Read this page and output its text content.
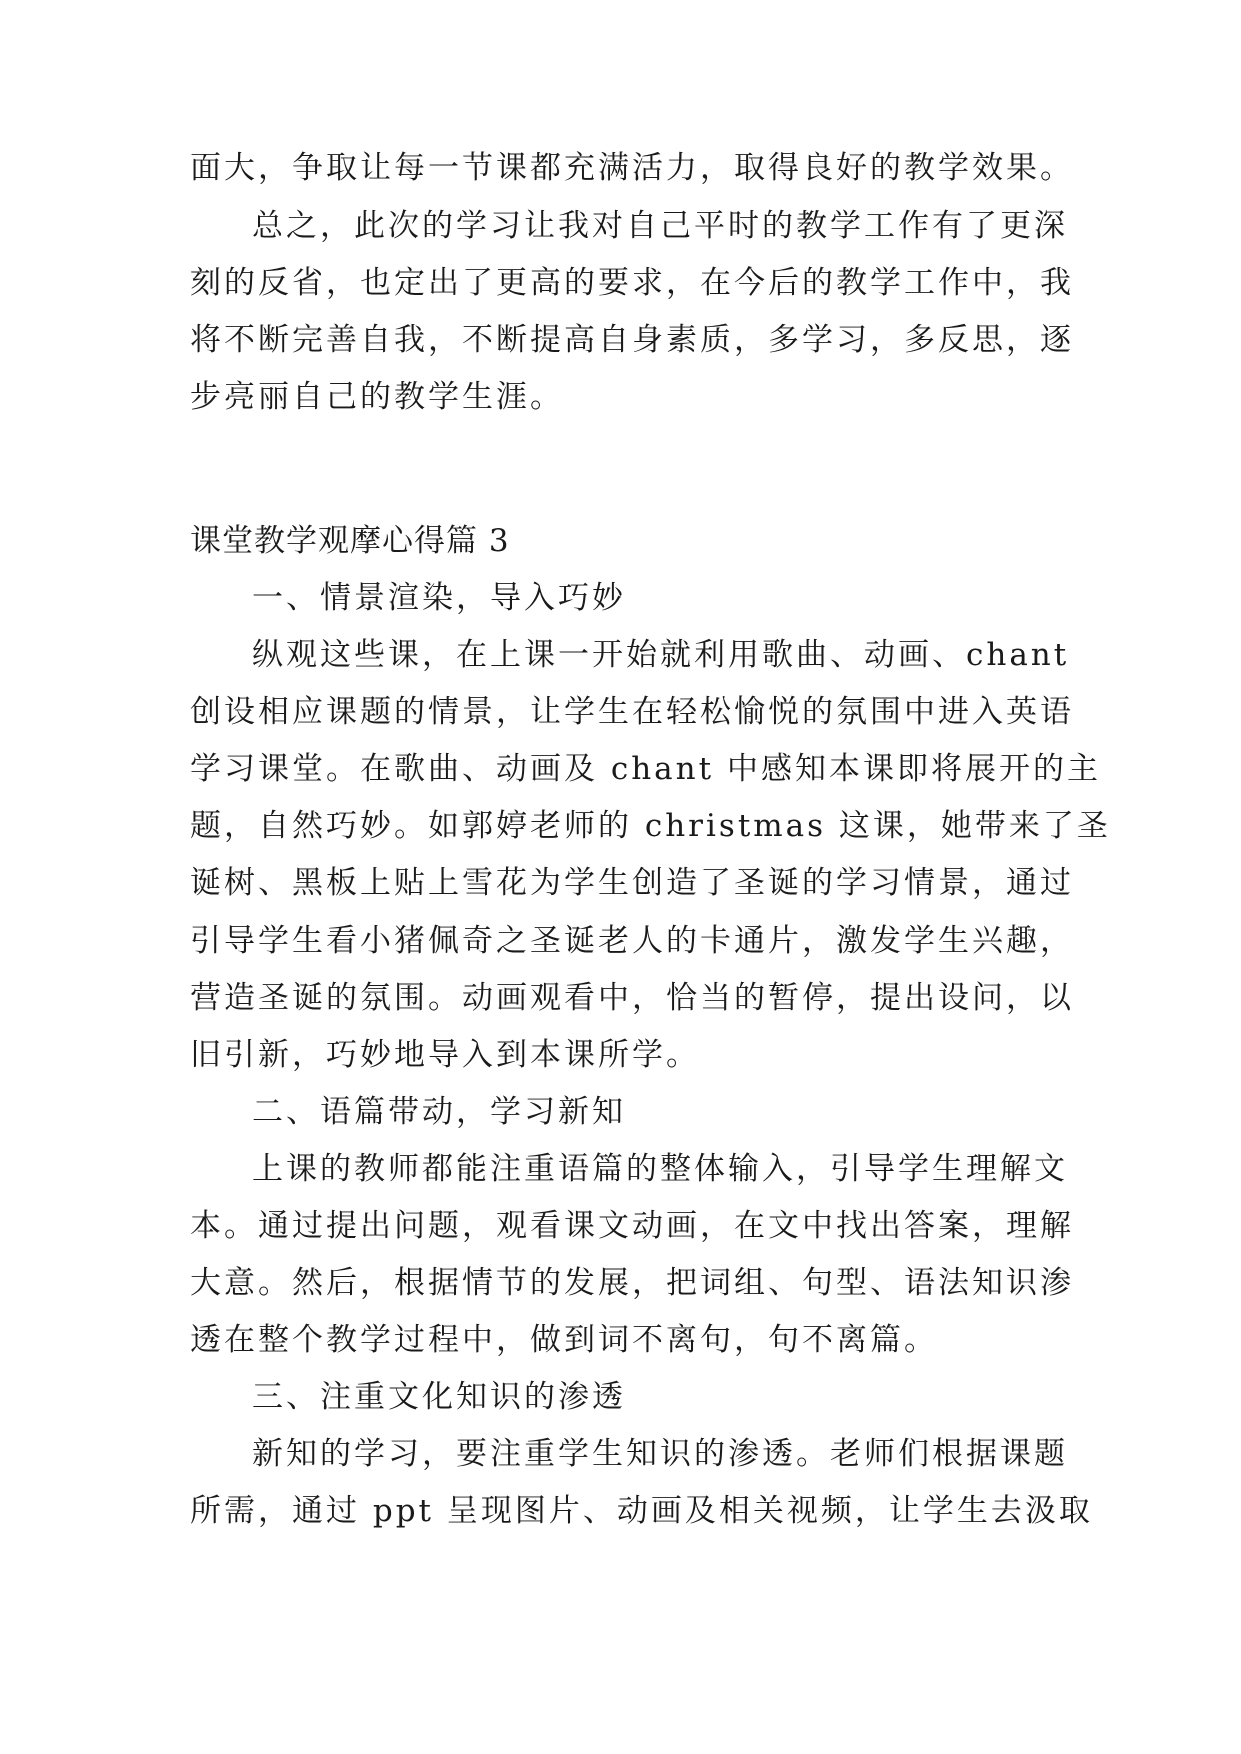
面大，争取让每一节课都充满活力，取得良好的教学效果。
总之，此次的学习让我对自己平时的教学工作有了更深
刻的反省，也定出了更高的要求，在今后的教学工作中，我
将不断完善自我，不断提高自身素质，多学习，多反思，逐
步亮丽自己的教学生涯。
课堂教学观摩心得篇 3
一、情景渲染，导入巧妙
纵观这些课，在上课一开始就利用歌曲、动画、chant
创设相应课题的情景，让学生在轻松愉悦的氛围中进入英语
学习课堂。在歌曲、动画及 chant 中感知本课即将展开的主
题，自然巧妙。如郭婷老师的 christmas 这课，她带来了圣
诞树、黑板上贴上雪花为学生创造了圣诞的学习情景，通过
引导学生看小猪佩奇之圣诞老人的卡通片，激发学生兴趣，
营造圣诞的氛围。动画观看中，恰当的暂停，提出设问，以
旧引新，巧妙地导入到本课所学。
二、语篇带动，学习新知
上课的教师都能注重语篇的整体输入，引导学生理解文
本。通过提出问题，观看课文动画，在文中找出答案，理解
大意。然后，根据情节的发展，把词组、句型、语法知识渗
透在整个教学过程中，做到词不离句，句不离篇。
三、注重文化知识的渗透
新知的学习，要注重学生知识的渗透。老师们根据课题
所需，通过 ppt 呈现图片、动画及相关视频，让学生去汲取
